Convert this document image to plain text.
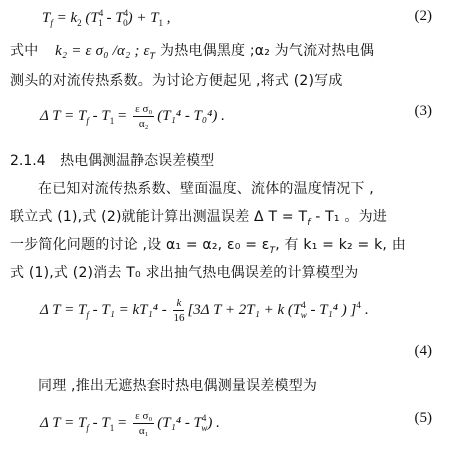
$T_f = k_2$ $(T^4_1 - T^4_0) + T_1$ ,	(2)
式中 k₂ = ε σ₀ /α₂ ; $\varepsilon_T$ 为热电偶黑度 ;α₂ 为气流对热电偶
测头的对流传热系数。为讨论方便起见 ,将式 (2)写成
Δ $T = T_f - T_1 = \frac{\text{ε σ₀}}{\text{α₂}} (T_1^4 - T_0^4)$ .	(3)
2.1.4 热电偶测温静态误差模型
在已知对流传热系数、壁面温度、流体的温度情况下 ,
联立式 (1),式 (2)就能计算出测温误差 Δ $T = T_f - T_1$ 。为进
一步简化问题的讨论 ,设 α₁ = α₂, $\varepsilon_0 = \varepsilon_T$, 有 k₁ = k₂ = k, 由
式 (1),式 (2)消去 T₀ 求出抽气热电偶误差的计算模型为
Δ $T = T_f - T_1 = kT_1^4 - \frac{k}{16} [3\Delta$ T + 2T₁ + k ($T^4_w - T_1^4$ ) ]$^4$ .
(4)
同理 ,推出无遮热套时热电偶测量误差模型为
Δ $T = T_f - T_1 = \frac{\text{ε σ₀}}{\text{α₁}} (T_1^4 - T^4_w)$ .	(5)
